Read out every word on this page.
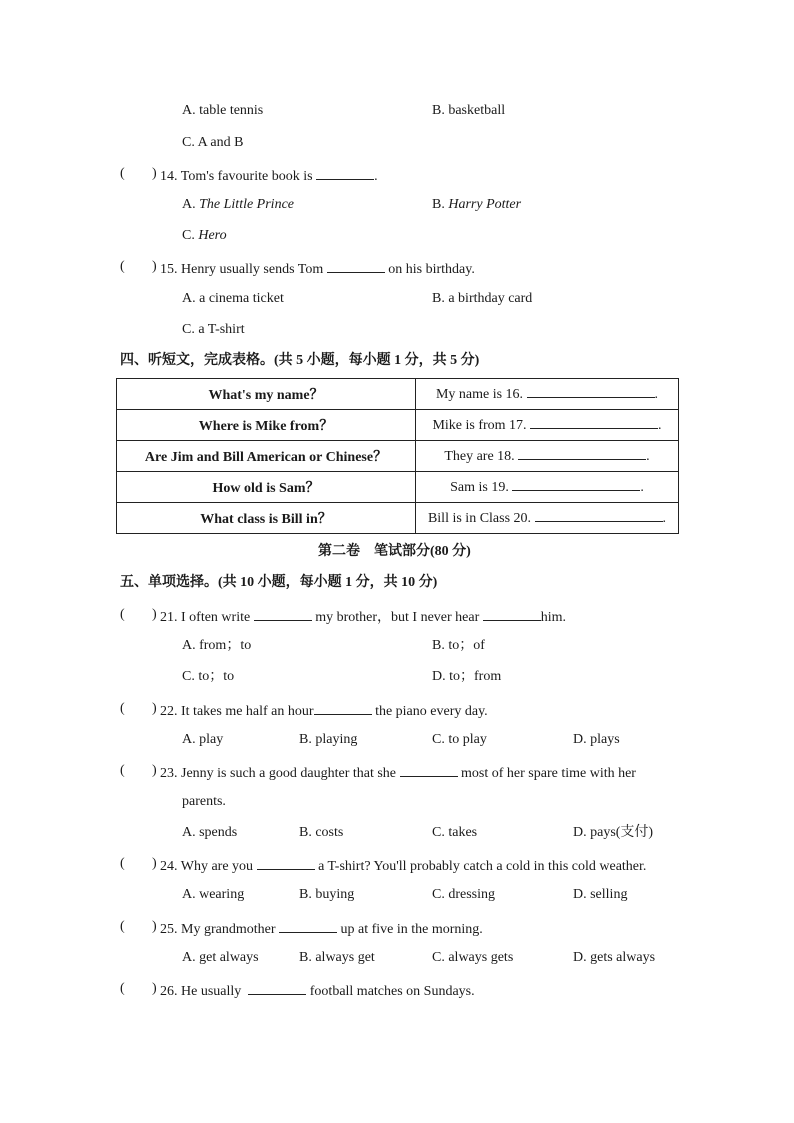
A. table tennis	B. basketball
C. A and B
( ) 14. Tom's favourite book is	.
A. The Little Prince	B. Harry Potter
C. Hero
( ) 15. Henry usually sends Tom	on his birthday.
A. a cinema ticket	B. a birthday card
C. a T-shirt
四、听短文，完成表格。(共 5 小题，每小题 1 分，共 5 分)
What's my name？	My name is 16. .
Where is Mike from？	Mike is from 17. .
Are Jim and Bill American or Chinese？	They are 18. .
How old is Sam？	Sam is 19. .
What class is Bill in？	Bill is in Class 20. .
第二卷　笔试部分(80 分)
五、单项选择。(共 10 小题，每小题 1 分，共 10 分)
( ) 21. I often write	my brother，but I never hear	him.
A. from；to	B. to；of
C. to；to	D. to；from
( ) 22. It takes me half an hour	the piano every day.
A. play	B. playing	C. to play	D. plays
( ) 23. Jenny is such a good daughter that she	most of her spare time with her
parents.
A. spends	B. costs	C. takes	D. pays(支付)
( ) 24. Why are you	a T-shirt? You'll probably catch a cold in this cold weather.
A. wearing	B. buying	C. dressing	D. selling
( ) 25. My grandmother	up at five in the morning.
A. get always	B. always get	C. always gets	D. gets always
( ) 26. He usually	football matches on Sundays.
